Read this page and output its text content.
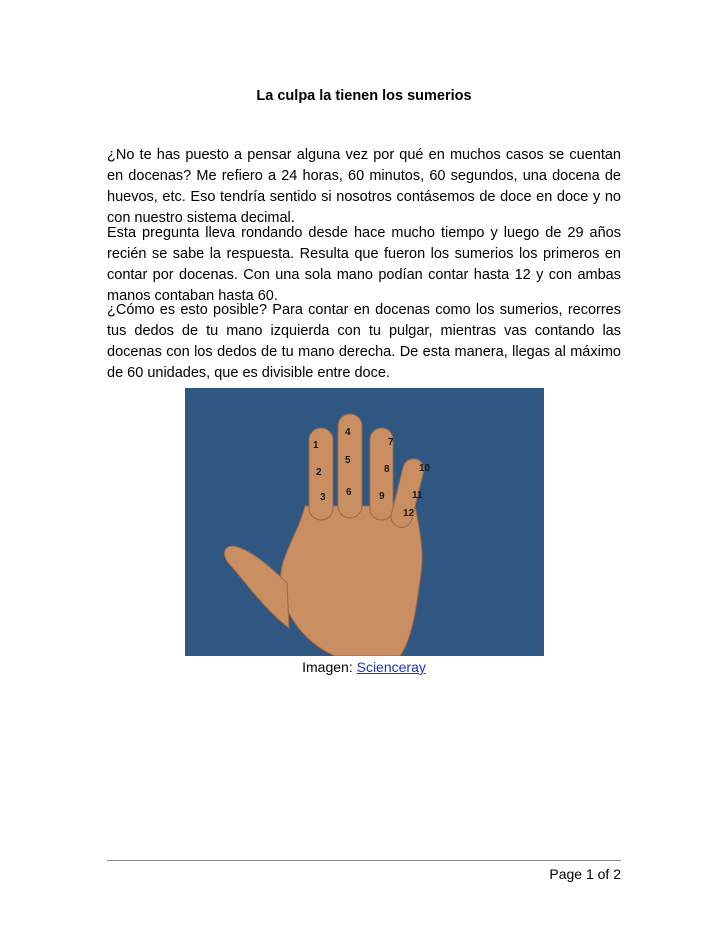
La culpa la tienen los sumerios

¿No te has puesto a pensar alguna vez por qué en muchos casos se cuentan en docenas? Me refiero a 24 horas, 60 minutos, 60 segundos, una docena de huevos, etc. Eso tendría sentido si nosotros contásemos de doce en doce y no con nuestro sistema decimal.

Esta pregunta lleva rondando desde hace mucho tiempo y luego de 29 años recién se sabe la respuesta. Resulta que fueron los sumerios los primeros en contar por docenas. Con una sola mano podían contar hasta 12 y con ambas manos contaban hasta 60.

¿Cómo es esto posible? Para contar en docenas como los sumerios, recorres tus dedos de tu mano izquierda con tu pulgar, mientras vas contando las docenas con los dedos de tu mano derecha. De esta manera, llegas al máximo de 60 unidades, que es divisible entre doce.

1
2
3
4
5
6
7
8
9
10
11
12
Imagen: Scienceray
Page 1 of 2
